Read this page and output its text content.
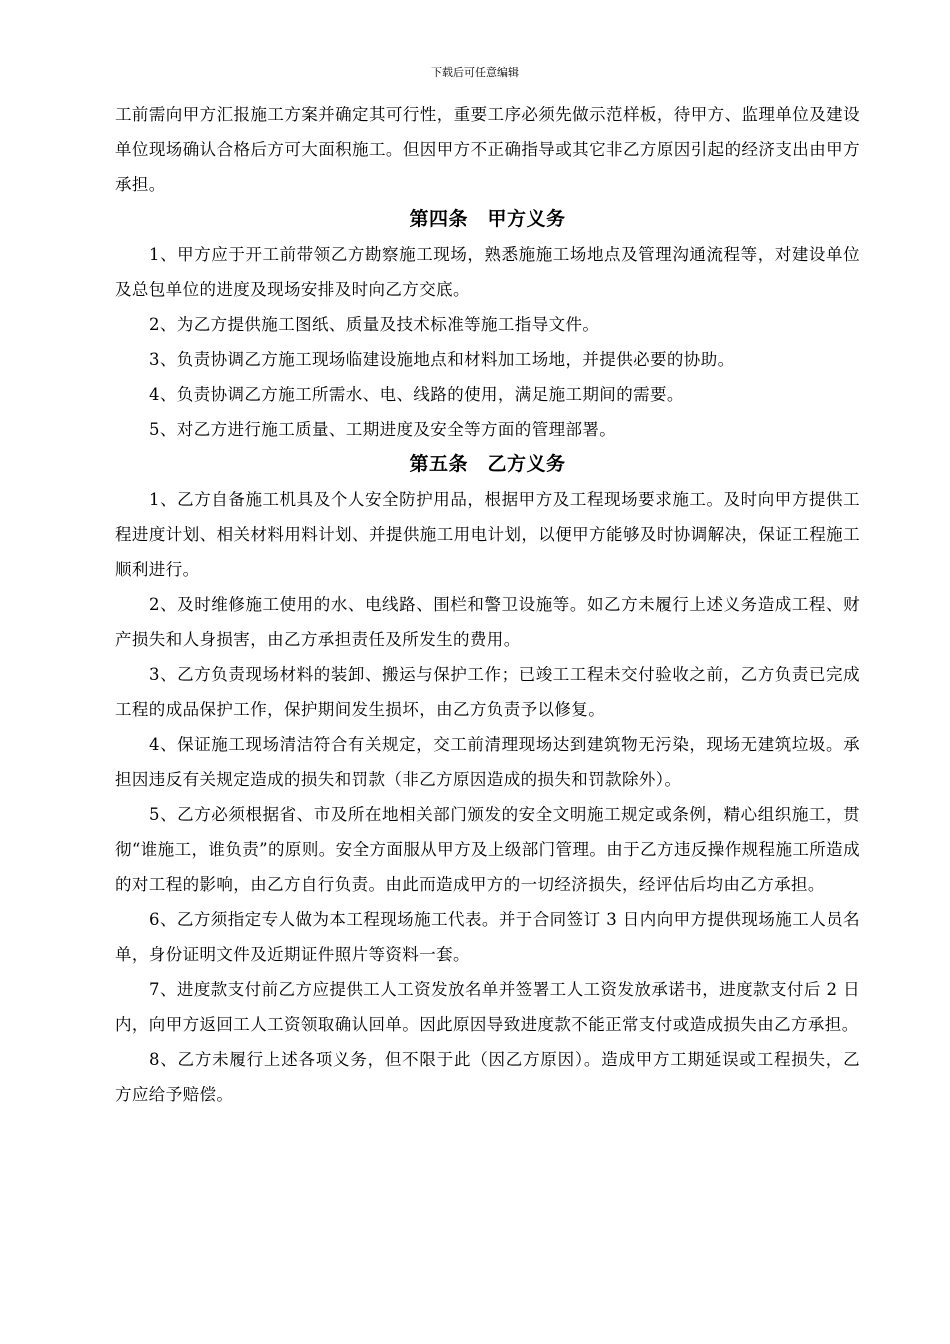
下载后可任意编辑

工前需向甲方汇报施工方案并确定其可行性，重要工序必须先做示范样板，待甲方、监理单位及建设单位现场确认合格后方可大面积施工。但因甲方不正确指导或其它非乙方原因引起的经济支出由甲方承担。

第四条　甲方义务

1、甲方应于开工前带领乙方勘察施工现场，熟悉施施工场地点及管理沟通流程等，对建设单位及总包单位的进度及现场安排及时向乙方交底。

2、为乙方提供施工图纸、质量及技术标准等施工指导文件。

3、负责协调乙方施工现场临建设施地点和材料加工场地，并提供必要的协助。

4、负责协调乙方施工所需水、电、线路的使用，满足施工期间的需要。

5、对乙方进行施工质量、工期进度及安全等方面的管理部署。

第五条　乙方义务

1、乙方自备施工机具及个人安全防护用品，根据甲方及工程现场要求施工。及时向甲方提供工程进度计划、相关材料用料计划、并提供施工用电计划，以便甲方能够及时协调解决，保证工程施工顺利进行。

2、及时维修施工使用的水、电线路、围栏和警卫设施等。如乙方未履行上述义务造成工程、财产损失和人身损害，由乙方承担责任及所发生的费用。

3、乙方负责现场材料的装卸、搬运与保护工作；已竣工工程未交付验收之前，乙方负责已完成工程的成品保护工作，保护期间发生损坏，由乙方负责予以修复。

4、保证施工现场清洁符合有关规定，交工前清理现场达到建筑物无污染，现场无建筑垃圾。承担因违反有关规定造成的损失和罚款（非乙方原因造成的损失和罚款除外）。

5、乙方必须根据省、市及所在地相关部门颁发的安全文明施工规定或条例，精心组织施工，贯彻“谁施工，谁负责”的原则。安全方面服从甲方及上级部门管理。由于乙方违反操作规程施工所造成的对工程的影响，由乙方自行负责。由此而造成甲方的一切经济损失，经评估后均由乙方承担。

6、乙方须指定专人做为本工程现场施工代表。并于合同签订 3 日内向甲方提供现场施工人员名单，身份证明文件及近期证件照片等资料一套。

7、进度款支付前乙方应提供工人工资发放名单并签署工人工资发放承诺书，进度款支付后 2 日内，向甲方返回工人工资领取确认回单。因此原因导致进度款不能正常支付或造成损失由乙方承担。

8、乙方未履行上述各项义务，但不限于此（因乙方原因）。造成甲方工期延误或工程损失，乙方应给予赔偿。
